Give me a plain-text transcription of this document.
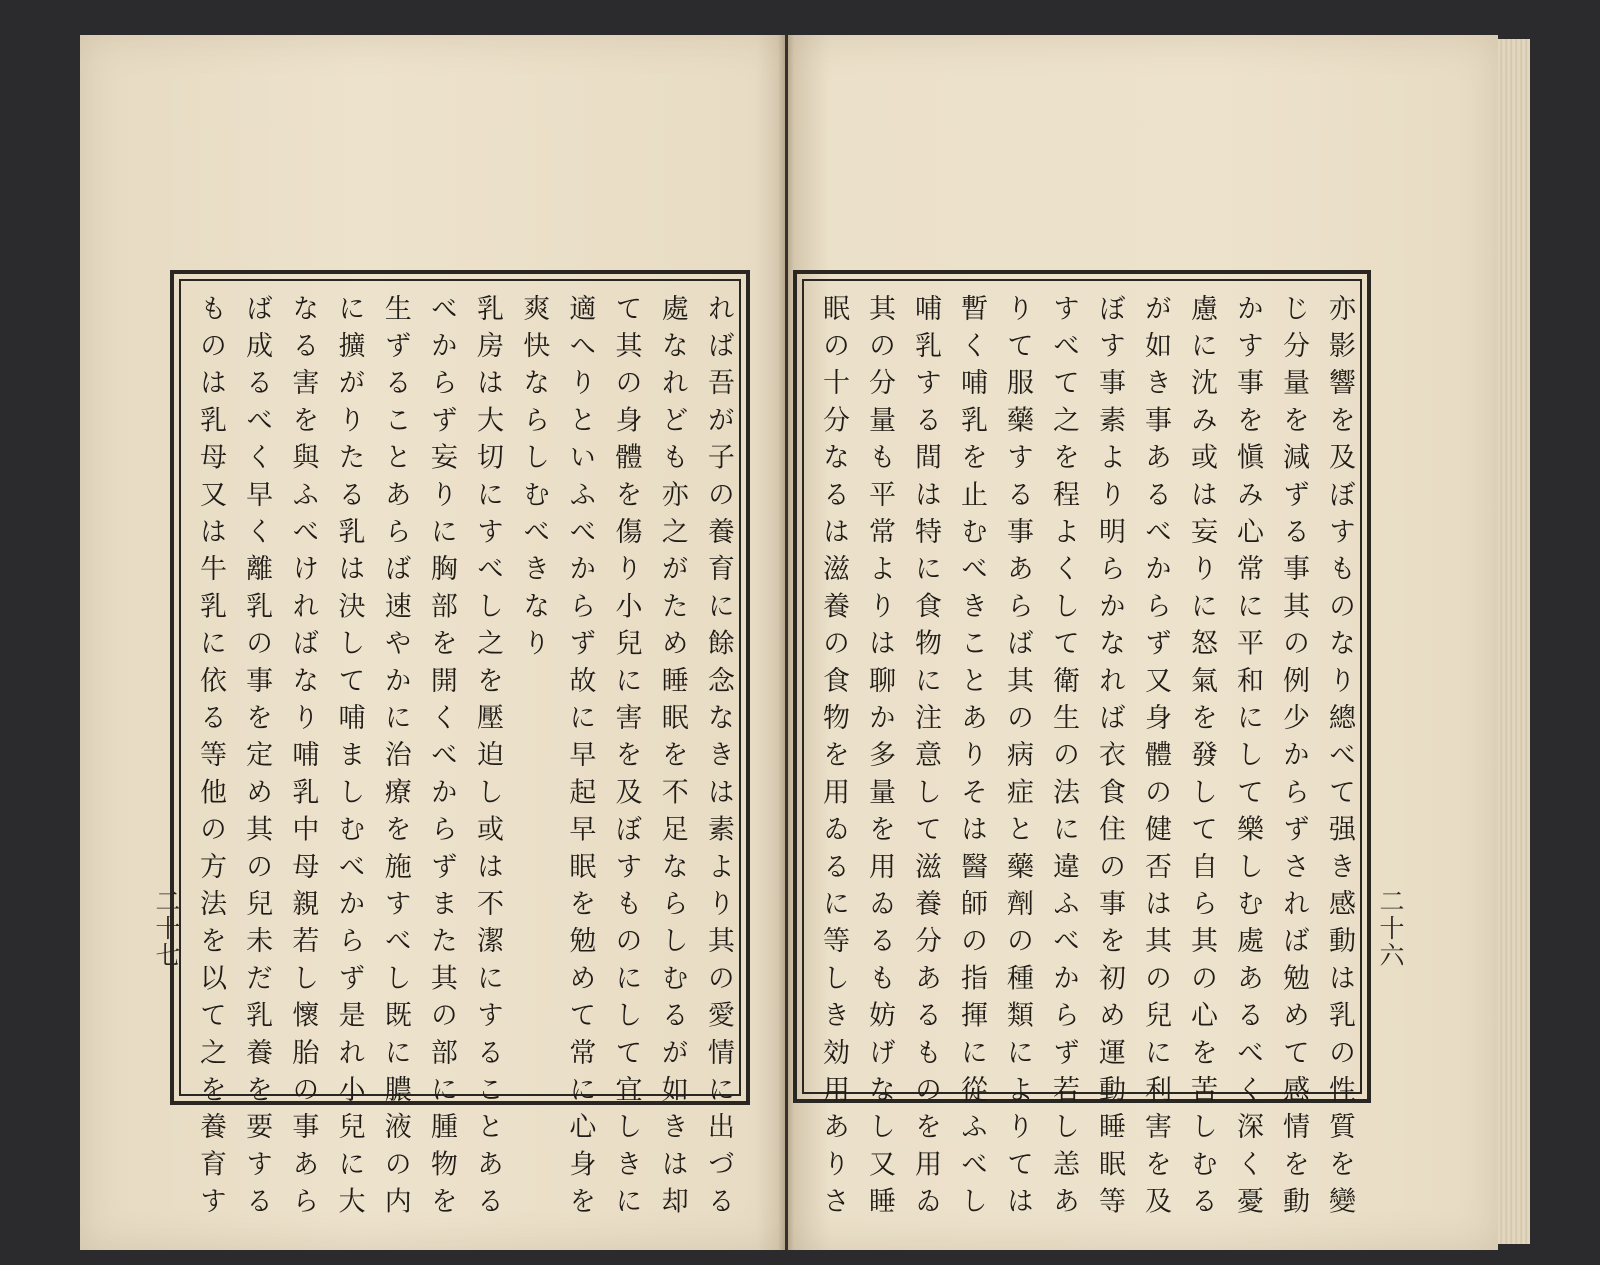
れば吾が子の養育に餘念なきは素より其の愛情に出づる
處なれども亦之がため睡眠を不足ならしむるが如きは却
て其の身體を傷り小兒に害を及ぼすものにして宜しきに
適へりといふべからず故に早起早眠を勉めて常に心身を
爽快ならしむべきなり
乳房は大切にすべし之を壓迫し或は不潔にすることある
べからず妄りに胸部を開くべからずまた其の部に腫物を
生ずることあらば速やかに治療を施すべし既に膿液の内
に擴がりたる乳は決して哺ましむべからず是れ小兒に大
なる害を與ふべければなり哺乳中母親若し懷胎の事あら
ば成るべく早く離乳の事を定め其の兒未だ乳養を要する
ものは乳母又は牛乳に依る等他の方法を以て之を養育す	亦影響を及ぼすものなり總べて强き感動は乳の性質を變
じ分量を減ずる事其の例少からずされば勉めて感情を動
かす事を愼み心常に平和にして樂しむ處あるべく深く憂
慮に沈み或は妄りに怒氣を發して自ら其の心を苦しむる
が如き事あるべからず又身體の健否は其の兒に利害を及
ぼす事素より明らかなれば衣食住の事を初め運動睡眠等
すべて之を程よくして衛生の法に違ふべからず若し恙あ
りて服藥する事あらば其の病症と藥劑の種類によりては
暫く哺乳を止むべきことありそは醫師の指揮に從ふべし
哺乳する間は特に食物に注意して滋養分あるものを用ゐ
其の分量も平常よりは聊か多量を用ゐるも妨げなし又睡
眠の十分なるは滋養の食物を用ゐるに等しき効用ありさ
二十七	二十六
